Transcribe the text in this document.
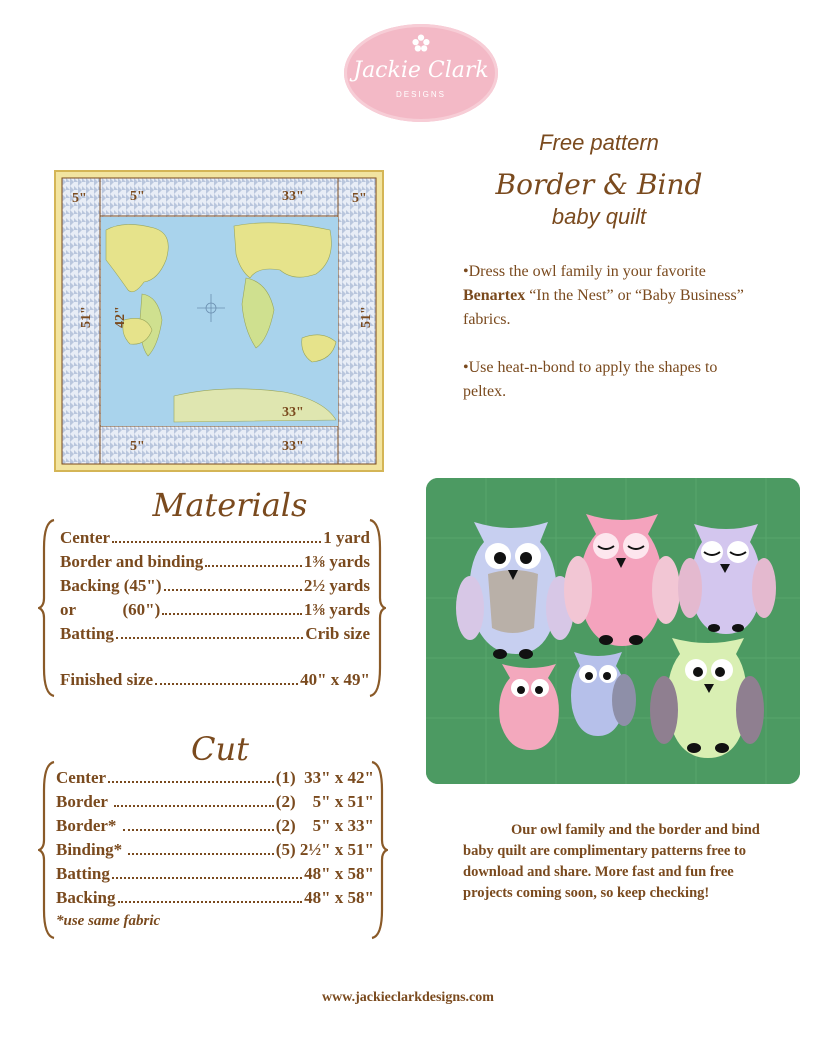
Jackie Clark
DESIGNS
Free pattern
Border & Bind
baby quilt
•Dress the owl family in your favorite Benartex “In the Nest” or “Baby Business” fabrics.
•Use heat-n-bond to apply the shapes to peltex.
5"	5"	33"	5"
51" 42"	51"
33"
5"	33"
Materials
Center	1 yard
Border and binding	1⅜ yards
Backing (45")	2½ yards
or           (60")	1⅜ yards
Batting	Crib size
Finished size	40" x 49"
Cut
Center	(1)  33" x 42"
Border	(2)    5" x 51"
Border*	(2)    5" x 33"
Binding*	(5) 2½" x 51"
Batting	48" x 58"
Backing	48" x 58"
*use same fabric
Our owl family and the border and bind baby quilt are complimentary patterns free to download and share. More fast and fun free projects coming soon, so keep checking!
www.jackieclarkdesigns.com
